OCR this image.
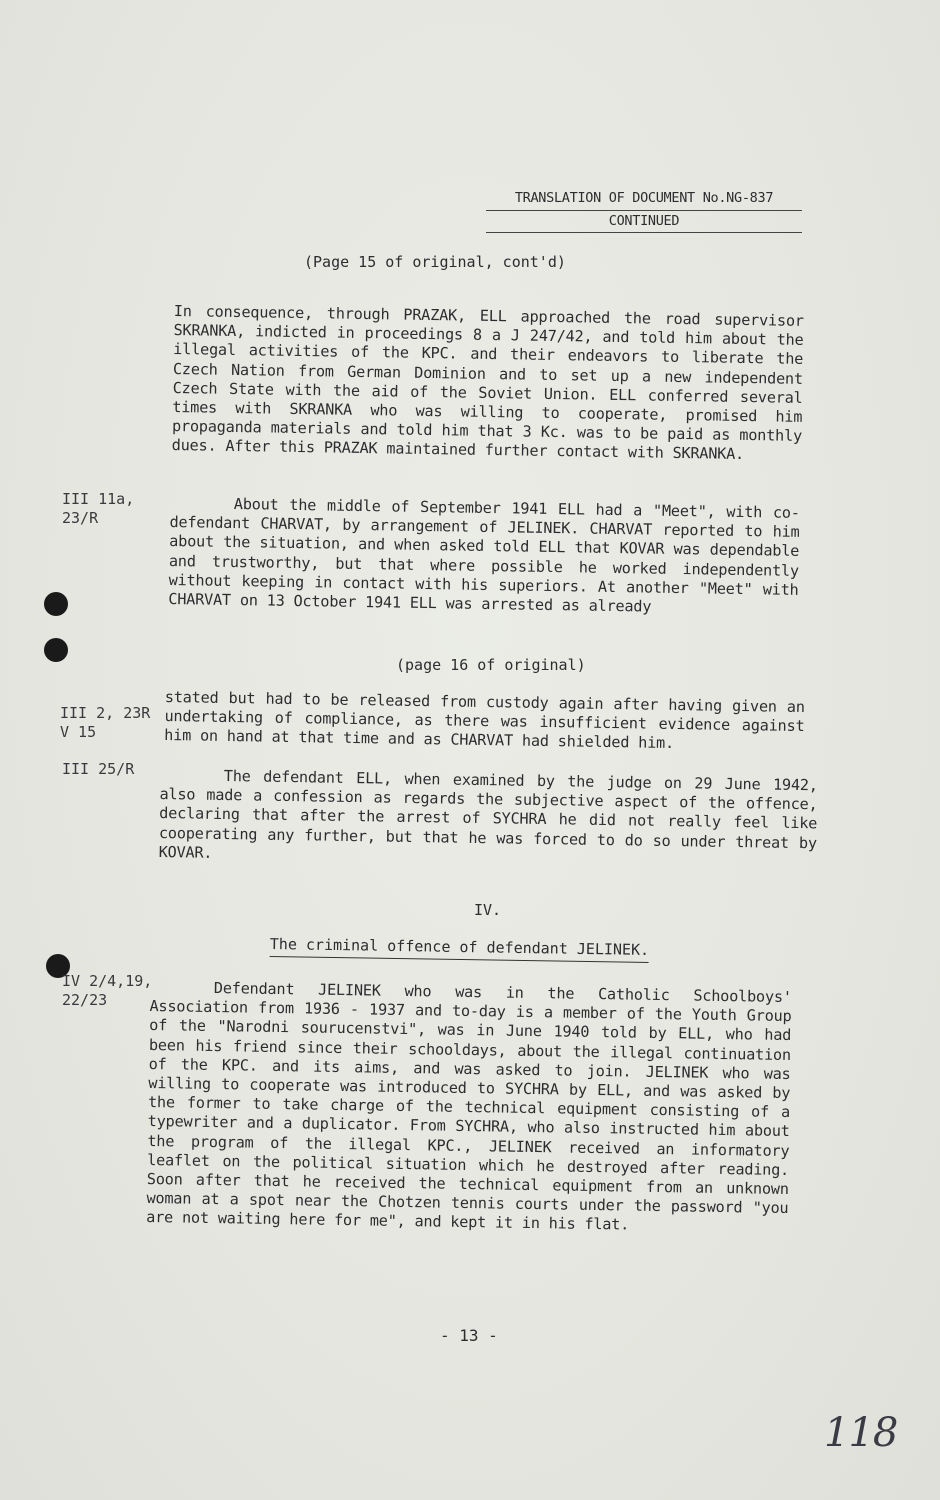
TRANSLATION OF DOCUMENT No.NG-837
CONTINUED
(Page 15 of original, cont'd)
In consequence, through PRAZAK, ELL approached the road supervisor SKRANKA, indicted in proceedings 8 a J 247/42, and told him about the illegal activities of the KPC. and their endeavors to liberate the Czech Nation from German Dominion and to set up a new independent Czech State with the aid of the Soviet Union. ELL conferred several times with SKRANKA who was willing to cooperate, promised him propaganda materials and told him that 3 Kc. was to be paid as monthly dues. After this PRAZAK maintained further contact with SKRANKA.
III 11a,
23/R	About the middle of September 1941 ELL had a "Meet", with co-defendant CHARVAT, by arrangement of JELINEK. CHARVAT reported to him about the situation, and when asked told ELL that KOVAR was dependable and trustworthy, but that where possible he worked independently without keeping in contact with his superiors. At another "Meet" with CHARVAT on 13 October 1941 ELL was arrested as already
(page 16 of original)
III 2, 23R
V 15
stated but had to be released from custody again after having given an undertaking of compliance, as there was insufficient evidence against him on hand at that time and as CHARVAT had shielded him.
III 25/R	The defendant ELL, when examined by the judge on 29 June 1942, also made a confession as regards the subjective aspect of the offence, declaring that after the arrest of SYCHRA he did not really feel like cooperating any further, but that he was forced to do so under threat by KOVAR.
IV.
The criminal offence of defendant JELINEK.
IV 2/4,19,
22/23	Defendant JELINEK who was in the Catholic Schoolboys' Association from 1936 - 1937 and to-day is a member of the Youth Group of the "Narodni sourucenstvi", was in June 1940 told by ELL, who had been his friend since their schooldays, about the illegal continuation of the KPC. and its aims, and was asked to join. JELINEK who was willing to cooperate was introduced to SYCHRA by ELL, and was asked by the former to take charge of the technical equipment consisting of a typewriter and a duplicator. From SYCHRA, who also instructed him about the program of the illegal KPC., JELINEK received an informatory leaflet on the political situation which he destroyed after reading. Soon after that he received the technical equipment from an unknown woman at a spot near the Chotzen tennis courts under the password "you are not waiting here for me", and kept it in his flat.
- 13 -
118
